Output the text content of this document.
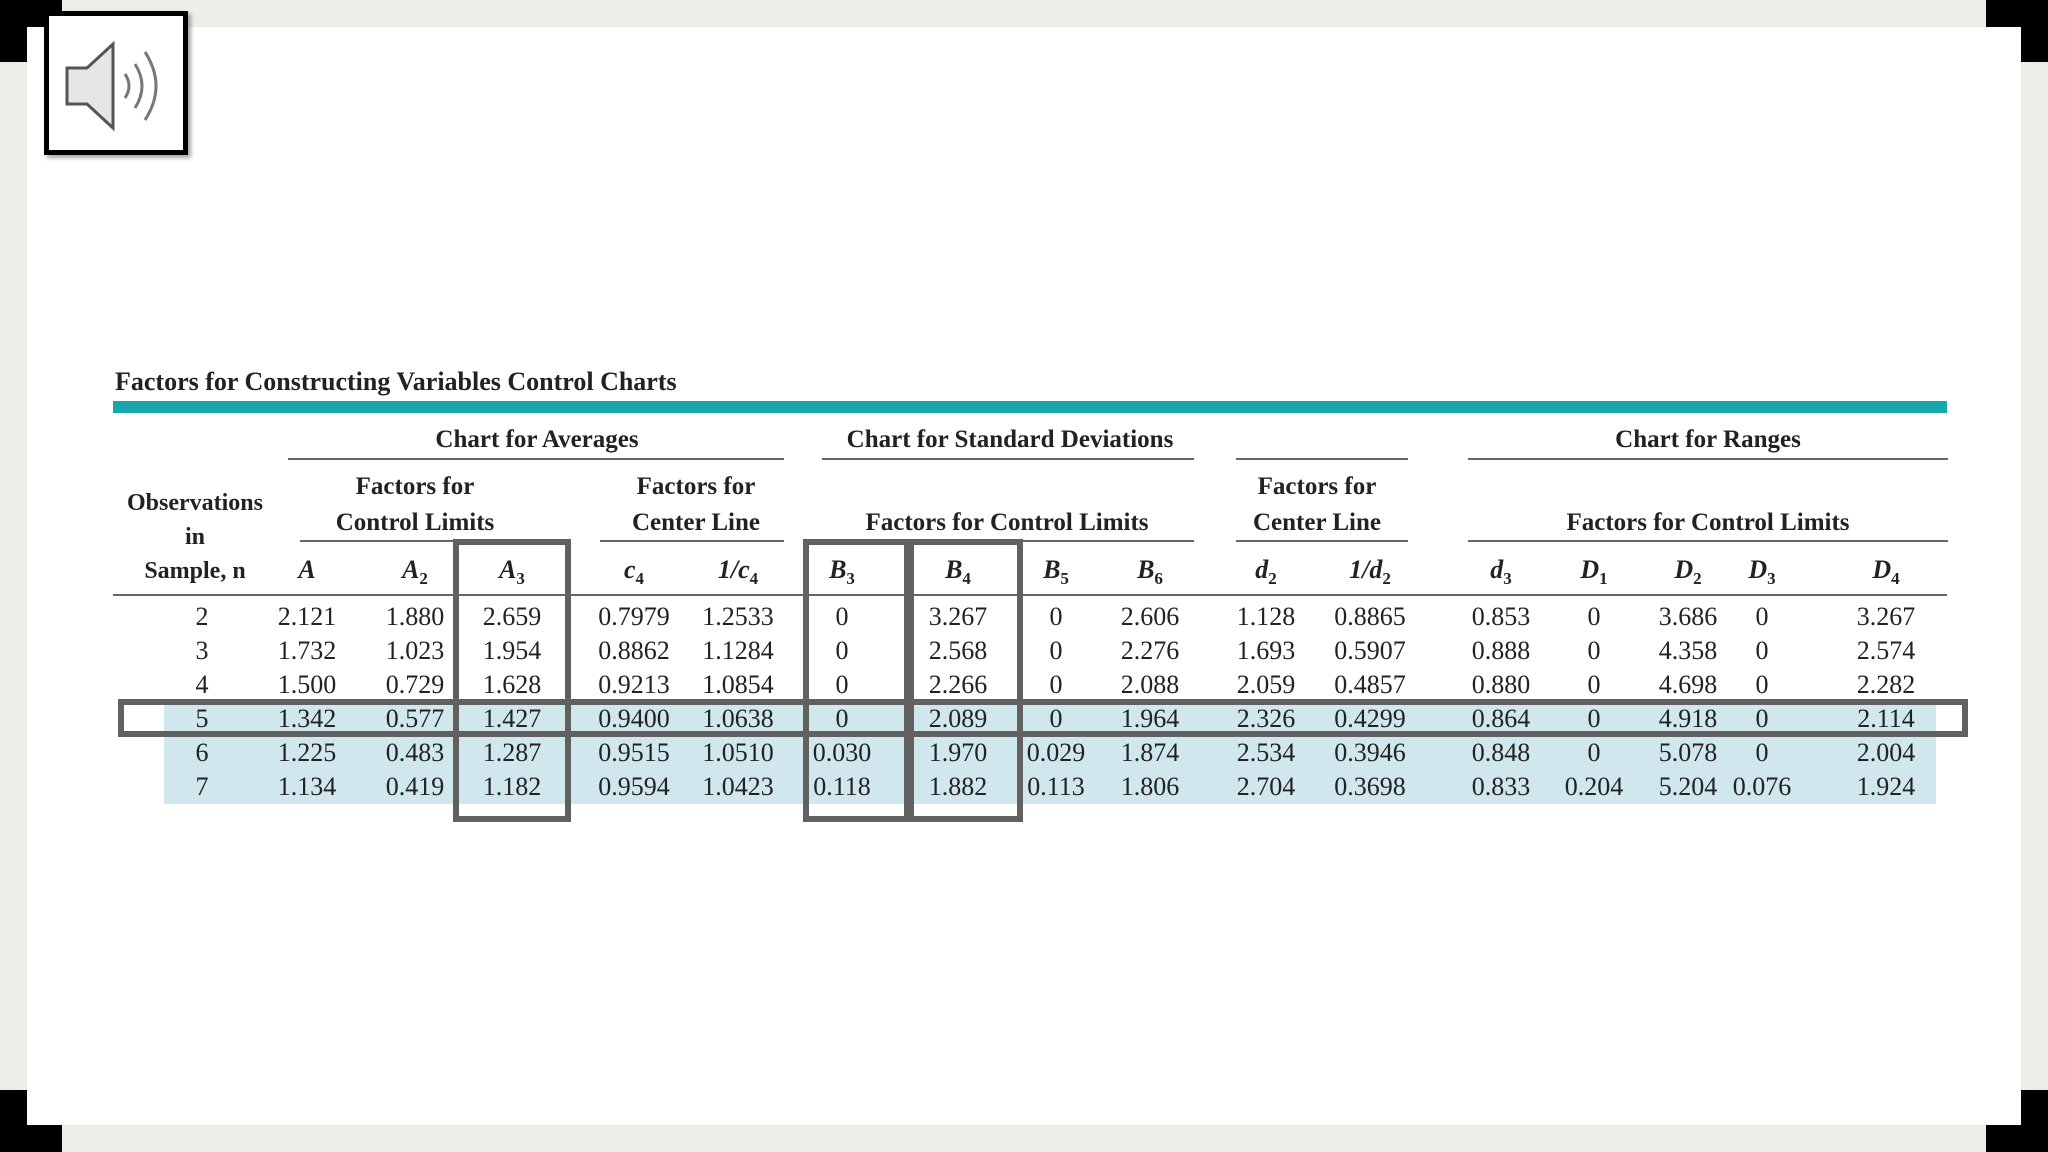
Factors for Constructing Variables Control Charts
Chart for Averages	Chart for Standard Deviations	Chart for Ranges
Factors for
Control Limits
Factors for
Center Line	Factors for Control Limits
Factors for
Center Line	Factors for Control Limits
Observations
in
Sample, n	A	$A_2$	$A_3$	$c_4$	$1/c_4$	$B_3$	$B_4$	$B_5$	$B_6$	$d_2$	$1/d_2$	$d_3$	$D_1$	$D_2$	$D_3$	$D_4$
2	2.121	1.880	2.659	0.7979	1.2533	0	3.267	0	2.606	1.128	0.8865	0.853	0	3.686	0	3.267
3	1.732	1.023	1.954	0.8862	1.1284	0	2.568	0	2.276	1.693	0.5907	0.888	0	4.358	0	2.574
4	1.500	0.729	1.628	0.9213	1.0854	0	2.266	0	2.088	2.059	0.4857	0.880	0	4.698	0	2.282
5	1.342	0.577	1.427	0.9400	1.0638	0	2.089	0	1.964	2.326	0.4299	0.864	0	4.918	0	2.114
6	1.225	0.483	1.287	0.9515	1.0510	0.030	1.970	0.029	1.874	2.534	0.3946	0.848	0	5.078	0	2.004
7	1.134	0.419	1.182	0.9594	1.0423	0.118	1.882	0.113	1.806	2.704	0.3698	0.833	0.204	5.204 0.076	1.924
